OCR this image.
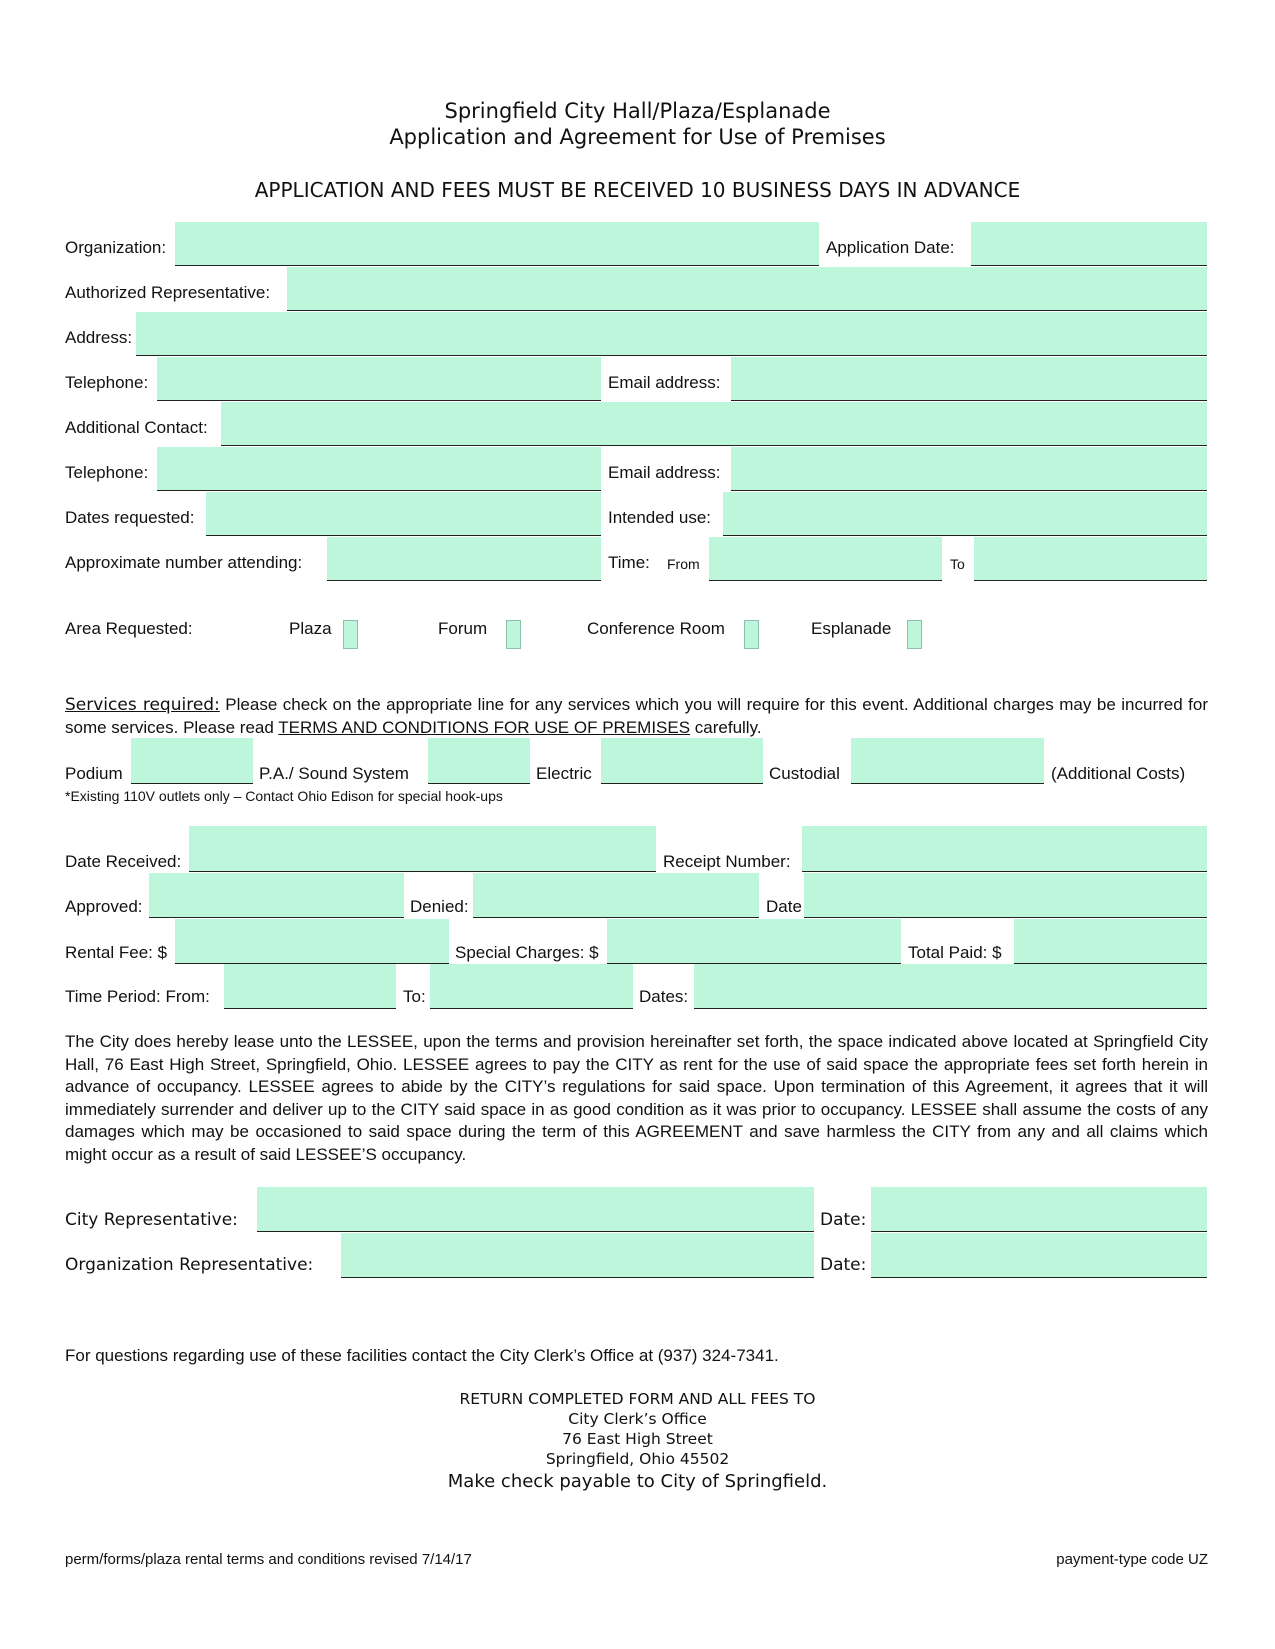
Springfield City Hall/Plaza/Esplanade
Application and Agreement for Use of Premises
APPLICATION AND FEES MUST BE RECEIVED 10 BUSINESS DAYS IN ADVANCE
Organization:	Application Date:
Authorized Representative:
Address:
Telephone:	Email address:
Additional Contact:
Telephone:	Email address:
Dates requested:	Intended use:
Approximate number attending:	Time: From	To
Area Requested:	Plaza	Forum	Conference Room	Esplanade
Services required: Please check on the appropriate line for any services which you will require for this event. Additional charges may be incurred for some services. Please read TERMS AND CONDITIONS FOR USE OF PREMISES carefully.
Podium	P.A./ Sound System	Electric	Custodial	(Additional Costs)
*Existing 110V outlets only – Contact Ohio Edison for special hook-ups
Date Received:	Receipt Number:
Approved:	Denied:	Date
Rental Fee: $	Special Charges: $	Total Paid: $
Time Period: From:	To:	Dates:
The City does hereby lease unto the LESSEE, upon the terms and provision hereinafter set forth, the space indicated above located at Springfield City Hall, 76 East High Street, Springfield, Ohio. LESSEE agrees to pay the CITY as rent for the use of said space the appropriate fees set forth herein in advance of occupancy. LESSEE agrees to abide by the CITY’s regulations for said space. Upon termination of this Agreement, it agrees that it will immediately surrender and deliver up to the CITY said space in as good condition as it was prior to occupancy. LESSEE shall assume the costs of any damages which may be occasioned to said space during the term of this AGREEMENT and save harmless the CITY from any and all claims which might occur as a result of said LESSEE’S occupancy.
City Representative:	Date:
Organization Representative:	Date:
For questions regarding use of these facilities contact the City Clerk’s Office at (937) 324-7341.
RETURN COMPLETED FORM AND ALL FEES TO
City Clerk’s Office
76 East High Street
Springfield, Ohio 45502
Make check payable to City of Springfield.
perm/forms/plaza rental terms and conditions revised 7/14/17	payment-type code UZ
